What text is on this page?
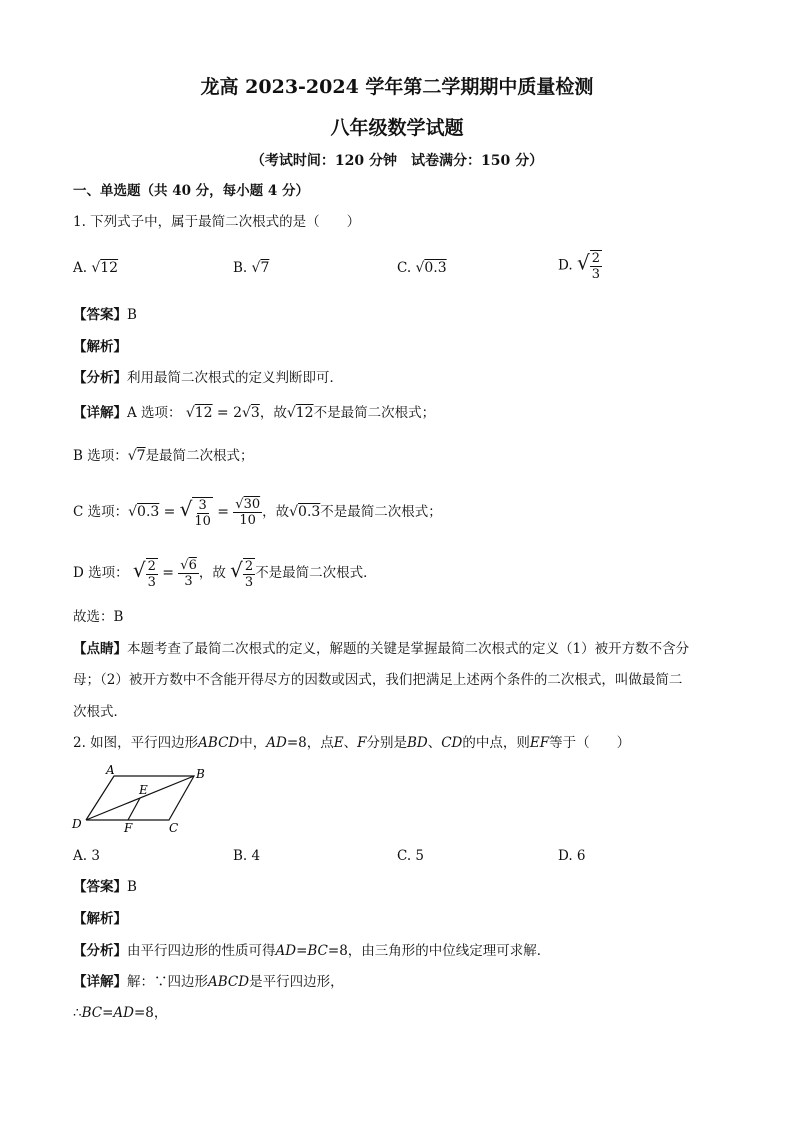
龙高 2023-2024 学年第二学期期中质量检测
八年级数学试题
（考试时间：120 分钟　试卷满分：150 分）
一、单选题（共 40 分，每小题 4 分）
1. 下列式子中，属于最简二次根式的是（　　）
A. √12	B. √7	C. √0.3	D. √ $\frac{2}{3}$
【答案】B
【解析】
【分析】利用最简二次根式的定义判断即可．
【详解】A 选项： √12 = 2√3，故√12不是最简二次根式；
B 选项：√7是最简二次根式；
C 选项：√0.3 = √ $\frac{3}{10} = \frac{√30}{10}$ ，故√0.3不是最简二次根式；
D 选项： √ $\frac{2}{3} = \frac{√6}{3}$ ，故 √ $\frac{2}{3}$ 不是最简二次根式．
故选：B
【点睛】本题考查了最简二次根式的定义，解题的关键是掌握最简二次根式的定义（1）被开方数不含分
母；（2）被开方数中不含能开得尽方的因数或因式，我们把满足上述两个条件的二次根式，叫做最简二
次根式．
2. 如图，平行四边形ABCD中，AD=8，点E、F分别是BD、CD的中点，则EF等于（　　）
A	B
C
D
E
F
A. 3	B. 4	C. 5	D. 6
【答案】B
【解析】
【分析】由平行四边形的性质可得AD=BC=8，由三角形的中位线定理可求解．
【详解】解：∵四边形ABCD是平行四边形，
∴BC=AD=8，
